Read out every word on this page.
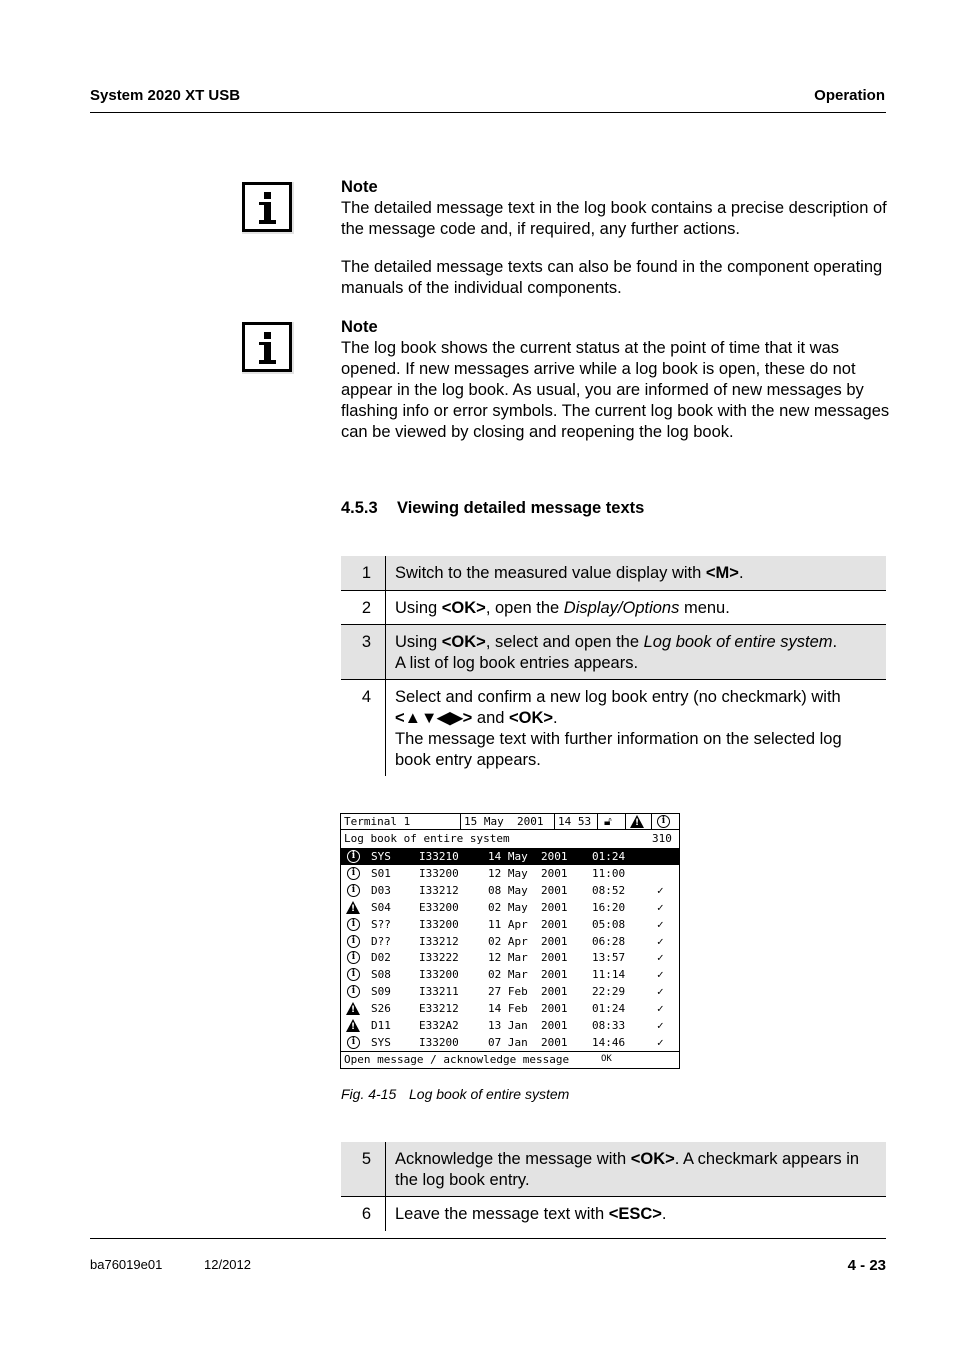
System 2020 XT USB	Operation
Note

The detailed message text in the log book contains a precise description of the message code and, if required, any further actions.

The detailed message texts can also be found in the component operating manuals of the individual components.

Note

The log book shows the current status at the point of time that it was opened. If new messages arrive while a log book is open, these do not appear in the log book. As usual, you are informed of new messages by flashing info or error symbols. The current log book with the new messages can be viewed by closing and reopening the log book.

4.5.3 Viewing detailed message texts
1	Switch to the measured value display with <M>.
2	Using <OK>, open the Display/Options menu.
3	Using <OK>, select and open the Log book of entire system.
A list of log book entries appears.
4	Select and confirm a new log book entry (no checkmark) with <▲▼◀▶> and <OK>.
The message text with further information on the selected log book entry appears.
Terminal 1	15 May  2001 14 53 🔓︎
!	i
Log book of entire system	310
i	SYS	I33210	14 May  2001 01:24
i	S01	I33200	12 May  2001 11:00
i	D03	I33212	08 May  2001 08:52	✓
!
S04	E33200	02 May  2001 16:20	✓
i	S??	I33200	11 Apr  2001 05:08	✓
i	D??	I33212	02 Apr  2001 06:28	✓
i	D02	I33222	12 Mar  2001 13:57	✓
i	S08	I33200	02 Mar  2001 11:14	✓
i	S09	I33211	27 Feb  2001 22:29	✓
!
S26	E33212	14 Feb  2001 01:24	✓
!
D11	E332A2	13 Jan  2001 08:33	✓
i	SYS	I33200	07 Jan  2001 14:46	✓
Open message / acknowledge message	OK
Fig. 4-15 Log book of entire system
5	Acknowledge the message with <OK>. A checkmark appears in the log book entry.
6	Leave the message text with <ESC>.
ba76019e01	12/2012	4 - 23
